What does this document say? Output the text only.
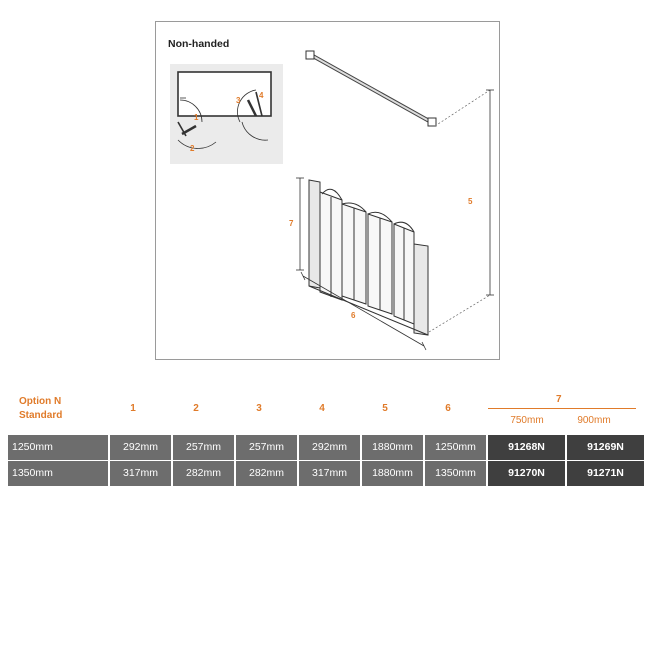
Non-handed
1
2
3
4
5
7
6
Option N
Standard
1	2	3	4	5	6
7
750mm	900mm
1250mm	292mm	257mm	257mm	292mm	1880mm	1250mm	91268N	91269N
1350mm	317mm	282mm	282mm	317mm	1880mm	1350mm	91270N	91271N
